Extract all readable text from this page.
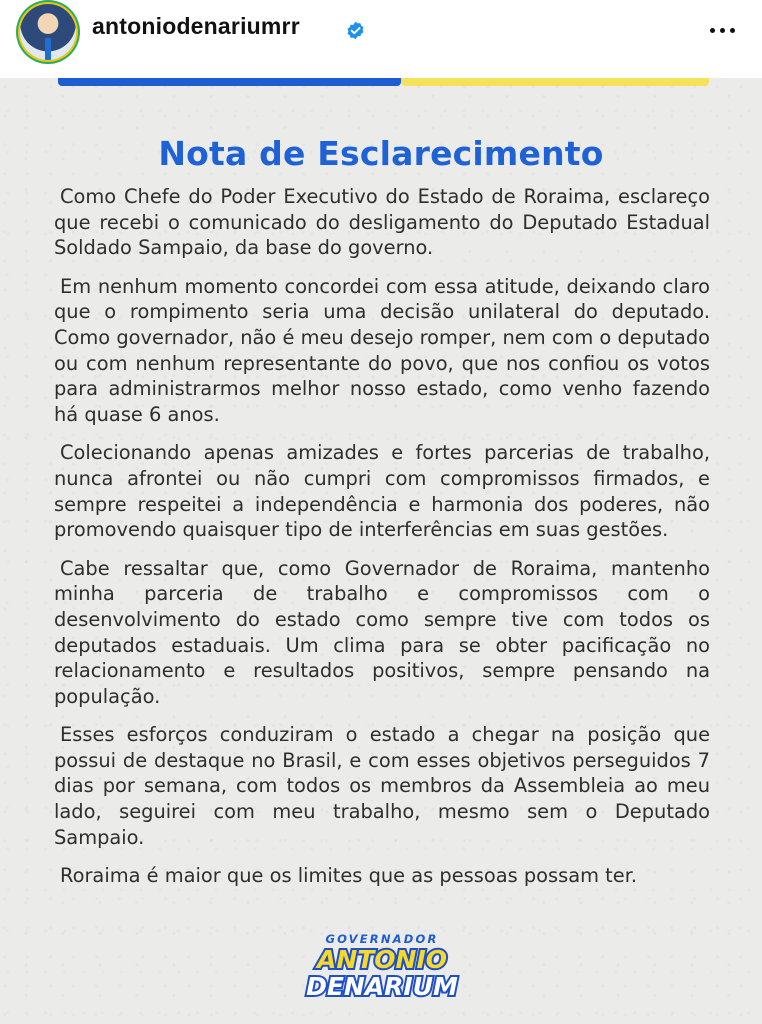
antoniodenariumrr
Nota de Esclarecimento

Como Chefe do Poder Executivo do Estado de Roraima, esclareço que recebi o comunicado do desligamento do Deputado Estadual Soldado Sampaio, da base do governo.

Em nenhum momento concordei com essa atitude, deixando claro que o rompimento seria uma decisão unilateral do deputado. Como governador, não é meu desejo romper, nem com o deputado ou com nenhum representante do povo, que nos confiou os votos para administrarmos melhor nosso estado, como venho fazendo há quase 6 anos.

Colecionando apenas amizades e fortes parcerias de trabalho, nunca afrontei ou não cumpri com compromissos firmados, e sempre respeitei a independência e harmonia dos poderes, não promovendo quaisquer tipo de interferências em suas gestões.

Cabe ressaltar que, como Governador de Roraima, mantenho minha parceria de trabalho e compromissos com o desenvolvimento do estado como sempre tive com todos os deputados estaduais. Um clima para se obter pacificação no relacionamento e resultados positivos, sempre pensando na população.

Esses esforços conduziram o estado a chegar na posição que possui de destaque no Brasil, e com esses objetivos perseguidos 7 dias por semana, com todos os membros da Assembleia ao meu lado, seguirei com meu trabalho, mesmo sem o Deputado Sampaio.

Roraima é maior que os limites que as pessoas possam ter.

GOVERNADOR
ANTONIO
DENARIUM
